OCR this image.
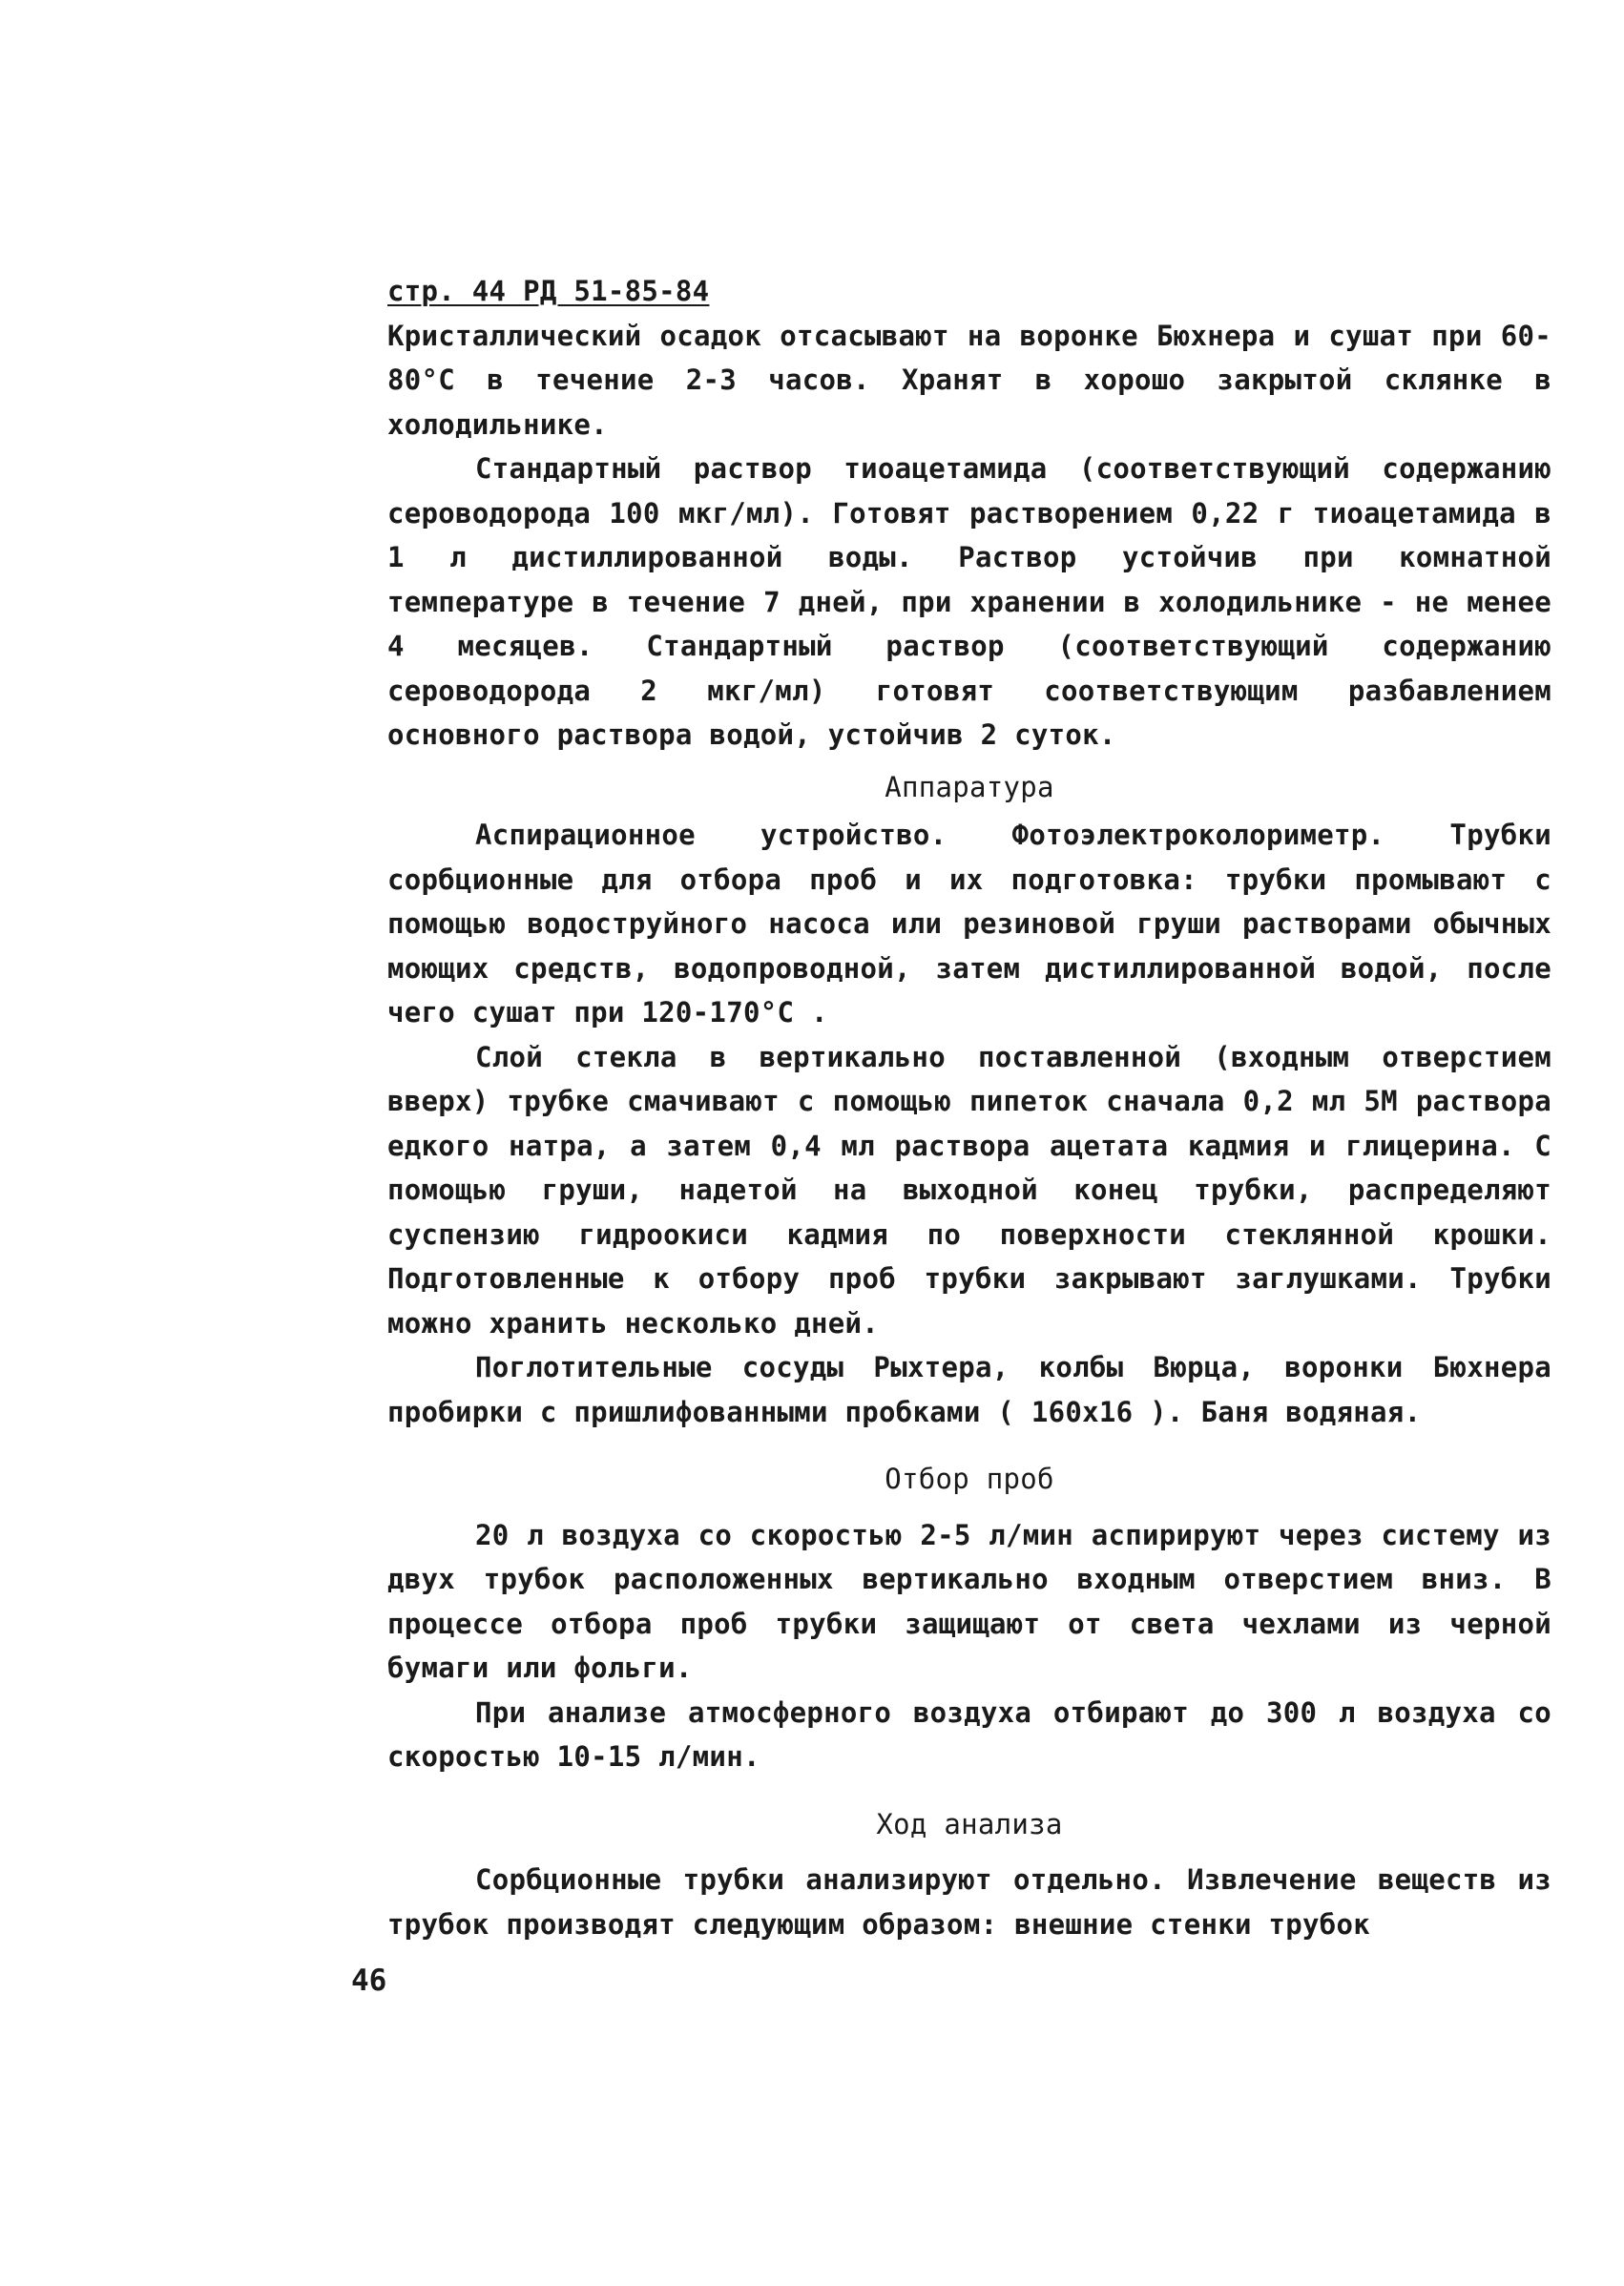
стр. 44 РД 51-85-84

Кристаллический осадок отсасывают на воронке Бюхнера и сушат при 60-80°С в течение 2-3 часов. Хранят в хорошо закрытой склянке в холодильнике.

Стандартный раствор тиоацетамида (соответствующий содержанию сероводорода 100 мкг/мл). Готовят растворением 0,22 г тиоацетамида в 1 л дистиллированной воды. Раствор устойчив при комнатной температуре в течение 7 дней, при хранении в холодильнике - не менее 4 месяцев. Стандартный раствор (соответствующий содержанию сероводорода 2 мкг/мл) готовят соответствующим разбавлением основного раствора водой, устойчив 2 суток.

Аппаратура

Аспирационное устройство. Фотоэлектроколориметр. Трубки сорбционные для отбора проб и их подготовка: трубки промывают с помощью водоструйного насоса или резиновой груши растворами обычных моющих средств, водопроводной, затем дистиллированной водой, после чего сушат при 120-170°С .

Слой стекла в вертикально поставленной (входным отверстием вверх) трубке смачивают с помощью пипеток сначала 0,2 мл 5М раствора едкого натра, а затем 0,4 мл раствора ацетата кадмия и глицерина. С помощью груши, надетой на выходной конец трубки, распределяют суспензию гидроокиси кадмия по поверхности стеклянной крошки. Подготовленные к отбору проб трубки закрывают заглушками. Трубки можно хранить несколько дней.

Поглотительные сосуды Рыхтера, колбы Вюрца, воронки Бюхнера пробирки с пришлифованными пробками ( 160x16 ). Баня водяная.

Отбор проб

20 л воздуха со скоростью 2-5 л/мин аспирируют через систему из двух трубок расположенных вертикально входным отверстием вниз. В процессе отбора проб трубки защищают от света чехлами из черной бумаги или фольги.

При анализе атмосферного воздуха отбирают до 300 л воздуха со скоростью 10-15 л/мин.

Ход анализа

Сорбционные трубки анализируют отдельно. Извлечение веществ из трубок производят следующим образом: внешние стенки трубок

46
